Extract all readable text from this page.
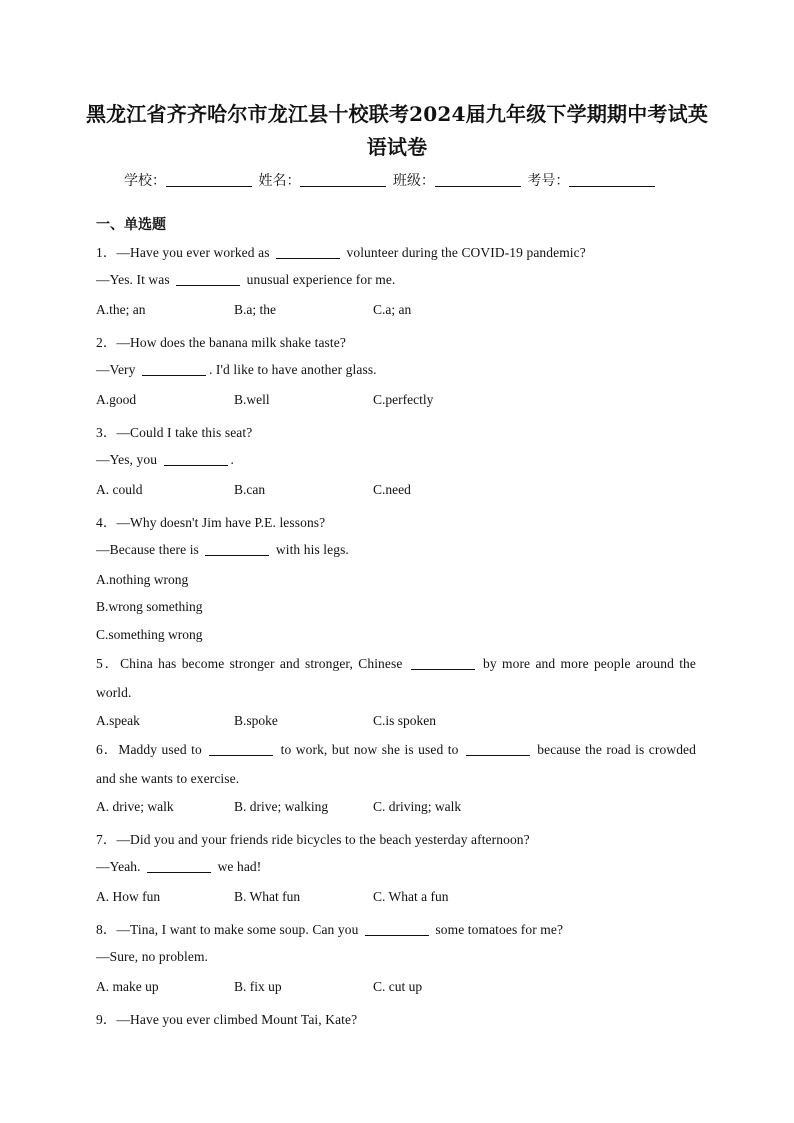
黑龙江省齐齐哈尔市龙江县十校联考2024届九年级下学期期中考试英语试卷
学校：	姓名：	班级：	考号：
一、单选题
1．—Have you ever worked as	volunteer during the COVID-19 pandemic?
—Yes. It was	unusual experience for me.
A.the; an	B.a; the	C.a; an
2．—How does the banana milk shake taste?
—Very	. I'd like to have another glass.
A.good	B.well	C.perfectly
3．—Could I take this seat?
—Yes, you	.
A. could	B.can	C.need
4．—Why doesn't Jim have P.E. lessons?
—Because there is	with his legs.
A.nothing wrong
B.wrong something
C.something wrong
5．China has become stronger and stronger, Chinese	by more and more people around the world.
A.speak	B.spoke	C.is spoken
6．Maddy used to	to work, but now she is used to	because the road is crowded and she wants to exercise.
A. drive; walk	B. drive; walking	C. driving; walk
7．—Did you and your friends ride bicycles to the beach yesterday afternoon?
—Yeah.	we had!
A. How fun	B. What fun	C. What a fun
8．—Tina, I want to make some soup. Can you	some tomatoes for me?
—Sure, no problem.
A. make up	B. fix up	C. cut up
9．—Have you ever climbed Mount Tai, Kate?
